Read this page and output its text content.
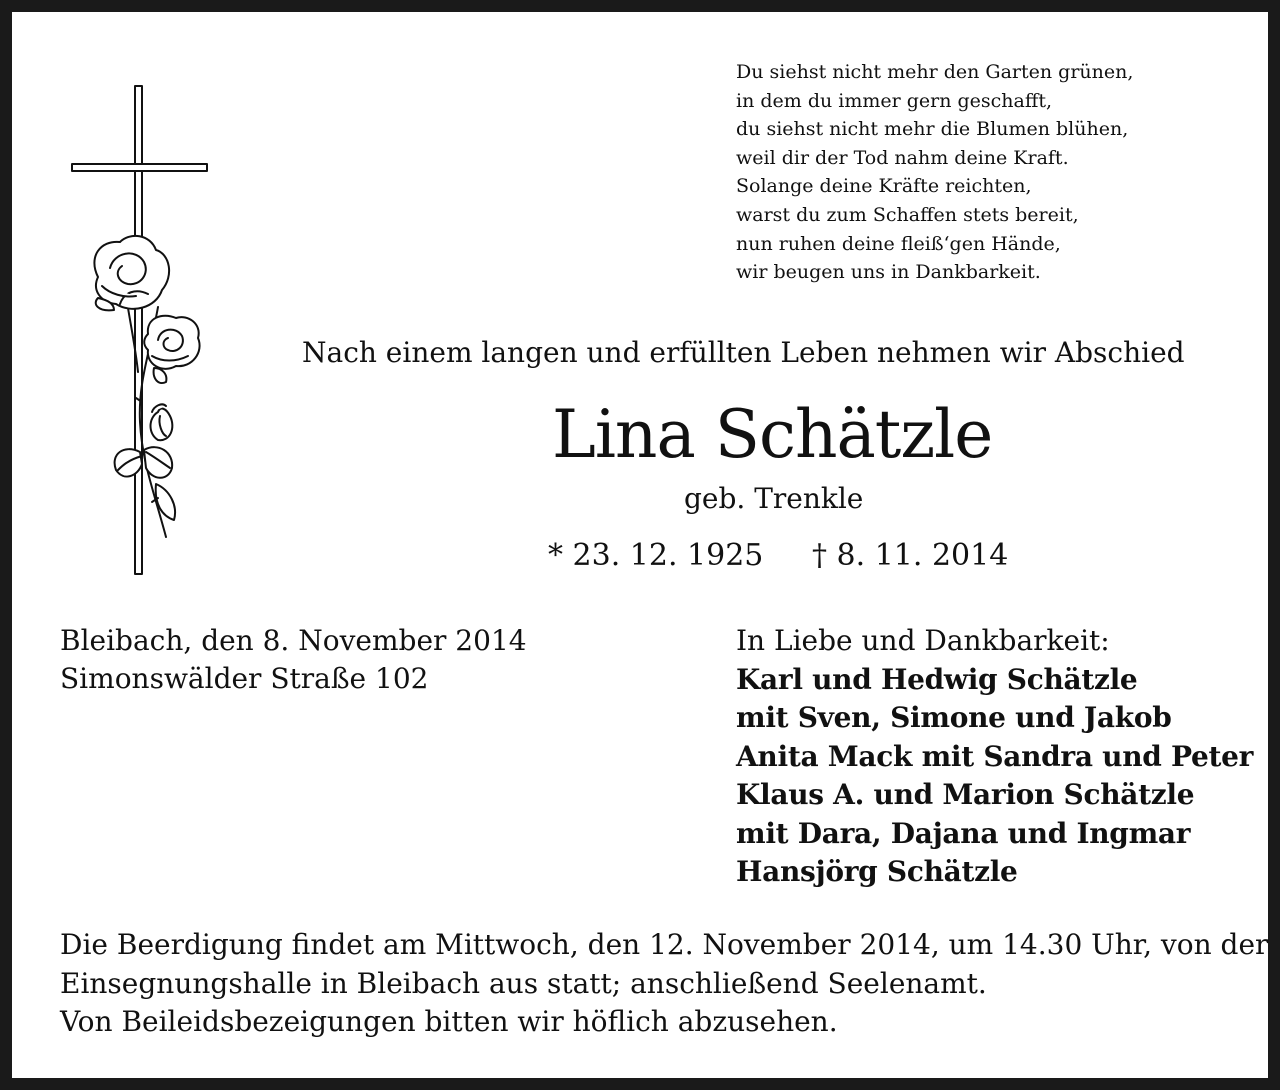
Du siehst nicht mehr den Garten grünen,
in dem du immer gern geschafft,
du siehst nicht mehr die Blumen blühen,
weil dir der Tod nahm deine Kraft.
Solange deine Kräfte reichten,
warst du zum Schaffen stets bereit,
nun ruhen deine fleiß‘gen Hände,
wir beugen uns in Dankbarkeit.
Nach einem langen und erfüllten Leben nehmen wir Abschied
Lina Schätzle
geb. Trenkle
* 23. 12. 1925 † 8. 11. 2014
Bleibach, den 8. November 2014
Simonswälder Straße 102
In Liebe und Dankbarkeit:
Karl und Hedwig Schätzle
mit Sven, Simone und Jakob
Anita Mack mit Sandra und Peter
Klaus A. und Marion Schätzle
mit Dara, Dajana und Ingmar
Hansjörg Schätzle
Die Beerdigung findet am Mittwoch, den 12. November 2014, um 14.30 Uhr, von der
Einsegnungshalle in Bleibach aus statt; anschließend Seelenamt.
Von Beileidsbezeigungen bitten wir höflich abzusehen.
